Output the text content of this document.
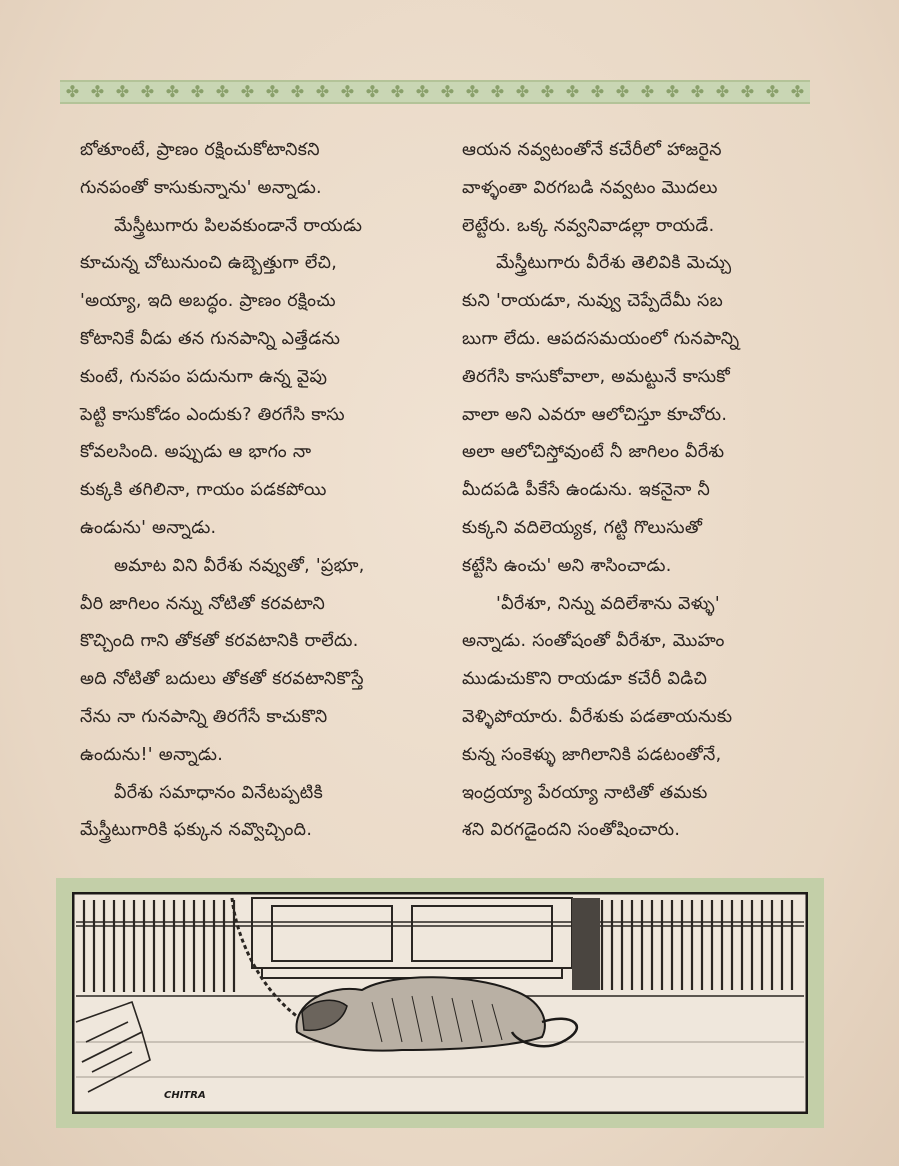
✤ ✤ ✤ ✤ ✤ ✤ ✤ ✤ ✤ ✤ ✤ ✤ ✤ ✤ ✤ ✤ ✤ ✤ ✤ ✤ ✤ ✤ ✤ ✤ ✤ ✤ ✤ ✤ ✤ ✤
బోతూంటే, ప్రాణం రక్షించుకోటానికని
గునపంతో కాసుకున్నాను' అన్నాడు.
మేస్త్రీటుగారు పిలవకుండానే రాయడు
కూచున్న చోటునుంచి ఉబ్బెత్తుగా లేచి,
'అయ్యా, ఇది అబద్ధం. ప్రాణం రక్షించు
కోటానికే వీడు తన గునపాన్ని ఎత్తేడను
కుంటే, గునపం పదునుగా ఉన్న వైపు
పెట్టి కాసుకోడం ఎందుకు? తిరగేసి కాసు
కోవలసింది. అప్పుడు ఆ భాగం నా
కుక్కకి తగిలినా, గాయం పడకపోయి
ఉండును' అన్నాడు.
అమాట విని వీరేశు నవ్వుతో, 'ప్రభూ,
వీరి జాగిలం నన్ను నోటితో కరవటాని
కొచ్చింది గాని తోకతో కరవటానికి రాలేదు.
అది నోటితో బదులు తోకతో కరవటానికొస్తే
నేను నా గునపాన్ని తిరగేసే కాచుకొని
ఉందును!' అన్నాడు.
వీరేశు సమాధానం వినేటప్పటికి
మేస్త్రీటుగారికి ఫక్కున నవ్వొచ్చింది.
ఆయన నవ్వటంతోనే కచేరీలో హాజరైన
వాళ్ళంతా విరగబడి నవ్వటం మొదలు
లెట్టేరు. ఒక్క నవ్వనివాడల్లా రాయడే.
మేస్త్రీటుగారు వీరేశు తెలివికి మెచ్చు
కుని 'రాయడూ, నువ్వు చెప్పేదేమీ సబ
బుగా లేదు. ఆపదసమయంలో గునపాన్ని
తిరగేసి కాసుకోవాలా, అమట్టునే కాసుకో
వాలా అని ఎవరూ ఆలోచిస్తూ కూచోరు.
అలా ఆలోచిస్తోవుంటే నీ జాగిలం వీరేశు
మీదపడి పీకేసే ఉండును. ఇకనైనా నీ
కుక్కని వదిలెయ్యక, గట్టి గొలుసుతో
కట్టేసి ఉంచు' అని శాసించాడు.
'వీరేశూ, నిన్ను వదిలేశాను వెళ్ళు'
అన్నాడు. సంతోషంతో వీరేశూ, మొహం
ముడుచుకొని రాయడూ కచేరీ విడిచి
వెళ్ళిపోయారు. వీరేశుకు పడతాయనుకు
కున్న సంకెళ్ళు జాగిలానికి పడటంతోనే,
ఇంద్రయ్యా పేరయ్యా నాటితో తమకు
శని విరగడైందని సంతోషించారు.
CHITRA
